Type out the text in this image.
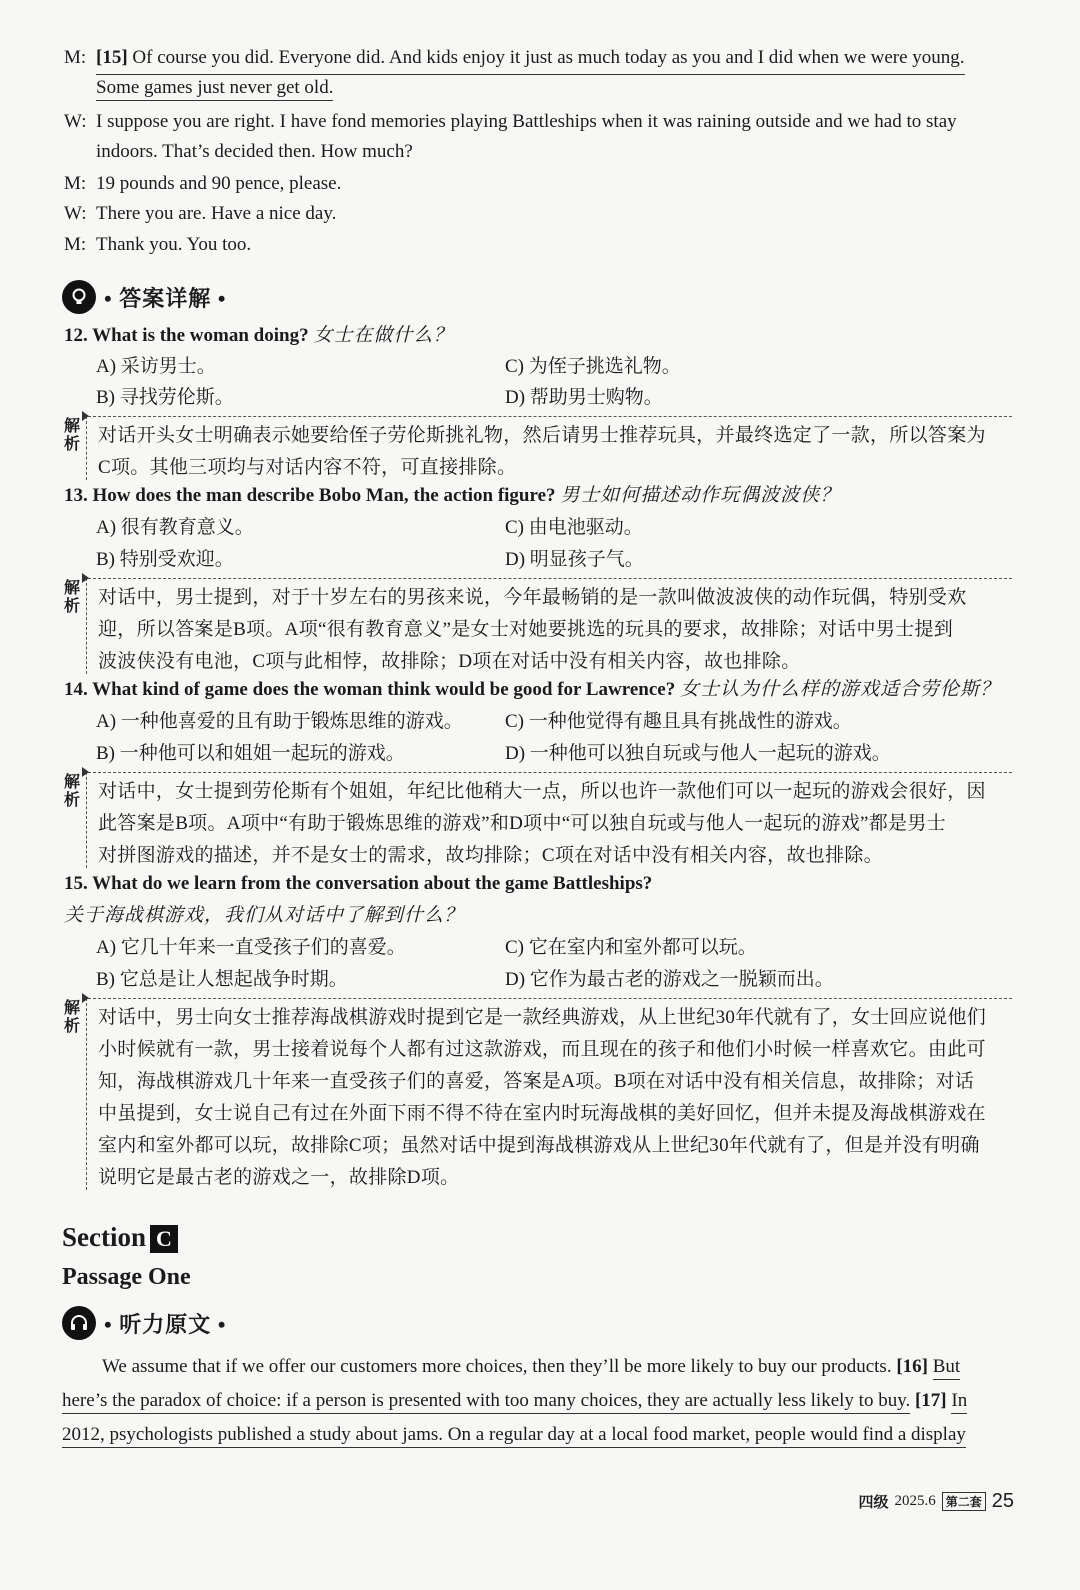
M: [15] Of course you did. Everyone did. And kids enjoy it just as much today as you and I did when we were young.
Some games just never get old.
W: I suppose you are right. I have fond memories playing Battleships when it was raining outside and we had to stay
indoors. That’s decided then. How much?
M: 19 pounds and 90 pence, please.
W: There you are. Have a nice day.
M: Thank you. You too.
• 答案详解 •
12. What is the woman doing? 女士在做什么？
A) 采访男士。	C) 为侄子挑选礼物。
B) 寻找劳伦斯。	D) 帮助男士购物。
解析 对话开头女士明确表示她要给侄子劳伦斯挑礼物，然后请男士推荐玩具，并最终选定了一款，所以答案为
C项。其他三项均与对话内容不符，可直接排除。
13. How does the man describe Bobo Man, the action figure? 男士如何描述动作玩偶波波侠？
A) 很有教育意义。	C) 由电池驱动。
B) 特别受欢迎。	D) 明显孩子气。
解析 对话中，男士提到，对于十岁左右的男孩来说，今年最畅销的是一款叫做波波侠的动作玩偶，特别受欢
迎，所以答案是B项。A项“很有教育意义”是女士对她要挑选的玩具的要求，故排除；对话中男士提到
波波侠没有电池，C项与此相悖，故排除；D项在对话中没有相关内容，故也排除。
14. What kind of game does the woman think would be good for Lawrence? 女士认为什么样的游戏适合劳伦斯？
A) 一种他喜爱的且有助于锻炼思维的游戏。 C) 一种他觉得有趣且具有挑战性的游戏。
B) 一种他可以和姐姐一起玩的游戏。	D) 一种他可以独自玩或与他人一起玩的游戏。
解析 对话中，女士提到劳伦斯有个姐姐，年纪比他稍大一点，所以也许一款他们可以一起玩的游戏会很好，因
此答案是B项。A项中“有助于锻炼思维的游戏”和D项中“可以独自玩或与他人一起玩的游戏”都是男士
对拼图游戏的描述，并不是女士的需求，故均排除；C项在对话中没有相关内容，故也排除。
15. What do we learn from the conversation about the game Battleships?
关于海战棋游戏，我们从对话中了解到什么？
A) 它几十年来一直受孩子们的喜爱。	C) 它在室内和室外都可以玩。
B) 它总是让人想起战争时期。	D) 它作为最古老的游戏之一脱颖而出。
解析 对话中，男士向女士推荐海战棋游戏时提到它是一款经典游戏，从上世纪30年代就有了，女士回应说他们
小时候就有一款，男士接着说每个人都有过这款游戏，而且现在的孩子和他们小时候一样喜欢它。由此可
知，海战棋游戏几十年来一直受孩子们的喜爱，答案是A项。B项在对话中没有相关信息，故排除；对话
中虽提到，女士说自己有过在外面下雨不得不待在室内时玩海战棋的美好回忆，但并未提及海战棋游戏在
室内和室外都可以玩，故排除C项；虽然对话中提到海战棋游戏从上世纪30年代就有了，但是并没有明确
说明它是最古老的游戏之一，故排除D项。
Section C
Passage One
• 听力原文 •
We assume that if we offer our customers more choices, then they’ll be more likely to buy our products. [16] But
here’s the paradox of choice: if a person is presented with too many choices, they are actually less likely to buy. [17] In
2012, psychologists published a study about jams. On a regular day at a local food market, people would find a display
四级 2025.6 第二套 25
